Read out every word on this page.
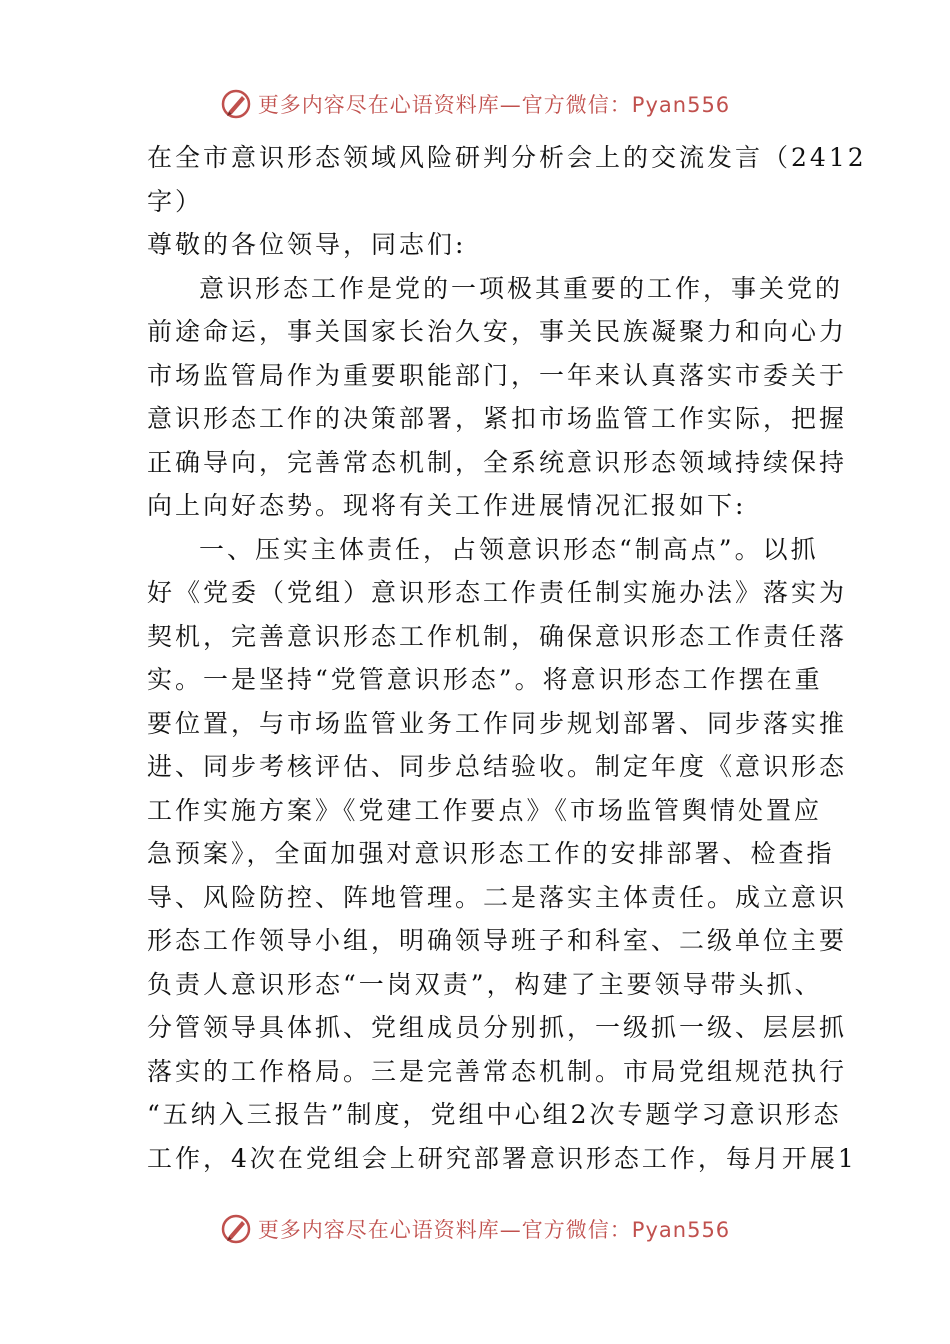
更多内容尽在心语资料库—官方微信：Pyan556
在全市意识形态领域风险研判分析会上的交流发言（2412
字）
尊敬的各位领导，同志们:
意识形态工作是党的一项极其重要的工作，事关党的
前途命运，事关国家长治久安，事关民族凝聚力和向心力
市场监管局作为重要职能部门，一年来认真落实市委关于
意识形态工作的决策部署，紧扣市场监管工作实际，把握
正确导向，完善常态机制，全系统意识形态领域持续保持
向上向好态势。现将有关工作进展情况汇报如下:
一、压实主体责任，占领意识形态“制高点”。以抓
好《党委（党组）意识形态工作责任制实施办法》落实为
契机，完善意识形态工作机制，确保意识形态工作责任落
实。一是坚持“党管意识形态”。将意识形态工作摆在重
要位置，与市场监管业务工作同步规划部署、同步落实推
进、同步考核评估、同步总结验收。制定年度《意识形态
工作实施方案》《党建工作要点》《市场监管舆情处置应
急预案》，全面加强对意识形态工作的安排部署、检查指
导、风险防控、阵地管理。二是落实主体责任。成立意识
形态工作领导小组，明确领导班子和科室、二级单位主要
负责人意识形态“一岗双责”，构建了主要领导带头抓、
分管领导具体抓、党组成员分别抓，一级抓一级、层层抓
落实的工作格局。三是完善常态机制。市局党组规范执行
“五纳入三报告”制度，党组中心组2次专题学习意识形态
工作，4次在党组会上研究部署意识形态工作，每月开展1
更多内容尽在心语资料库—官方微信：Pyan556
